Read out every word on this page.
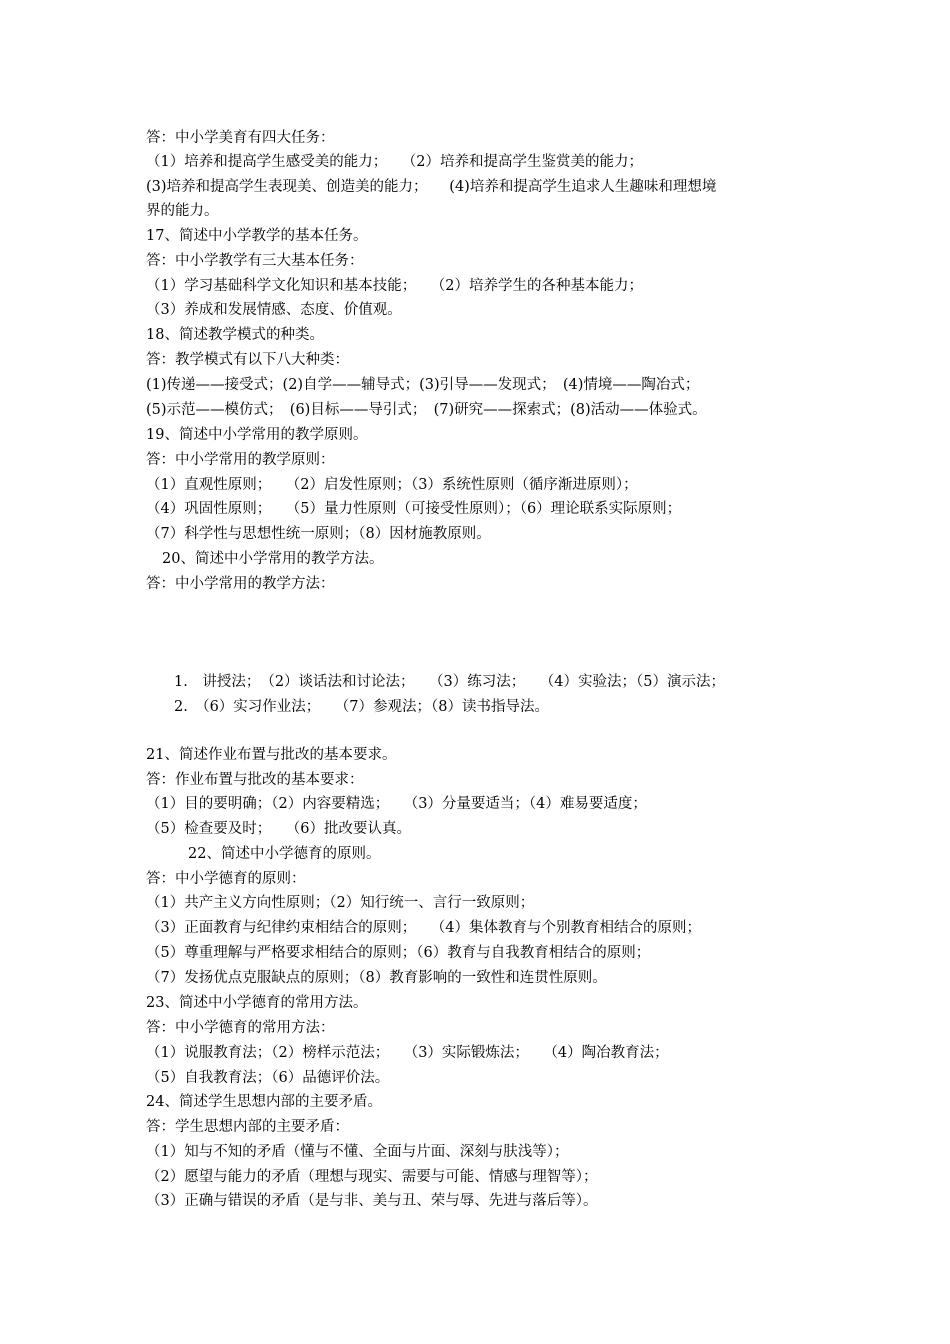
答：中小学美育有四大任务：
（1）培养和提高学生感受美的能力；　　（2）培养和提高学生鉴赏美的能力；
(3)培养和提高学生表现美、创造美的能力；　　(4)培养和提高学生追求人生趣味和理想境
界的能力。
17、简述中小学教学的基本任务。
答：中小学教学有三大基本任务：
（1）学习基础科学文化知识和基本技能；　　（2）培养学生的各种基本能力；
（3）养成和发展情感、态度、价值观。
18、简述教学模式的种类。
答：教学模式有以下八大种类：
(1)传递——接受式；(2)自学——辅导式；(3)引导——发现式；　(4)情境——陶冶式；
(5)示范——模仿式；　(6)目标——导引式；　(7)研究——探索式；(8)活动——体验式。
19、简述中小学常用的教学原则。
答：中小学常用的教学原则：
（1）直观性原则；　　（2）启发性原则；（3）系统性原则（循序渐进原则）；
（4）巩固性原则；　　（5）量力性原则（可接受性原则）；（6）理论联系实际原则；
（7）科学性与思想性统一原则；（8）因材施教原则。
20、简述中小学常用的教学方法。
答：中小学常用的教学方法：
1.　讲授法；　（2）谈话法和讨论法；　　（3）练习法；　　（4）实验法；（5）演示法；
2.　（6）实习作业法；　　（7）参观法；（8）读书指导法。
21、简述作业布置与批改的基本要求。
答：作业布置与批改的基本要求：
（1）目的要明确；（2）内容要精选；　　（3）分量要适当；（4）难易要适度；
（5）检查要及时；　　（6）批改要认真。
22、简述中小学德育的原则。
答：中小学德育的原则：
（1）共产主义方向性原则；（2）知行统一、言行一致原则；
（3）正面教育与纪律约束相结合的原则；　　（4）集体教育与个别教育相结合的原则；
（5）尊重理解与严格要求相结合的原则；（6）教育与自我教育相结合的原则；
（7）发扬优点克服缺点的原则；（8）教育影响的一致性和连贯性原则。
23、简述中小学德育的常用方法。
答：中小学德育的常用方法：
（1）说服教育法；（2）榜样示范法；　　（3）实际锻炼法；　　（4）陶冶教育法；
（5）自我教育法；（6）品德评价法。
24、简述学生思想内部的主要矛盾。
答：学生思想内部的主要矛盾：
（1）知与不知的矛盾（懂与不懂、全面与片面、深刻与肤浅等）；
（2）愿望与能力的矛盾（理想与现实、需要与可能、情感与理智等）；
（3）正确与错误的矛盾（是与非、美与丑、荣与辱、先进与落后等）。
